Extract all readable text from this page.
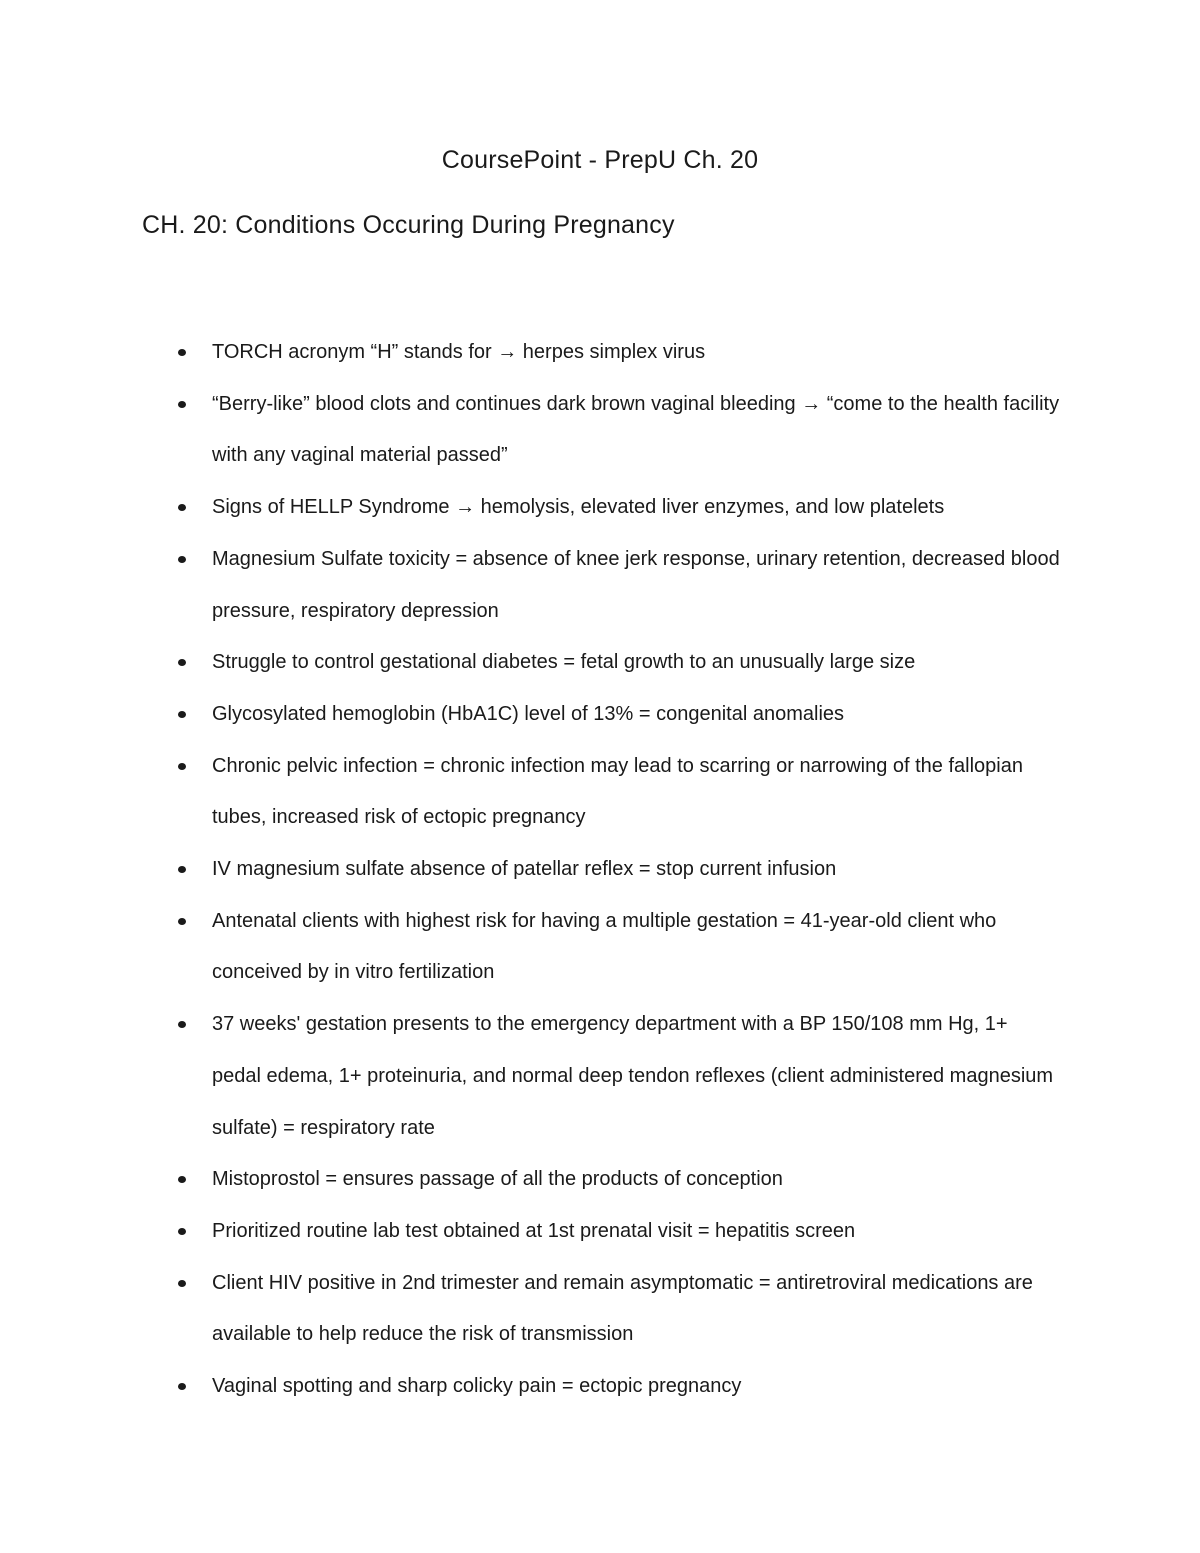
CoursePoint - PrepU Ch. 20
CH. 20: Conditions Occuring During Pregnancy
TORCH acronym “H” stands for → herpes simplex virus
“Berry-like” blood clots and continues dark brown vaginal bleeding → “come to the health facility with any vaginal material passed”
Signs of HELLP Syndrome → hemolysis, elevated liver enzymes, and low platelets
Magnesium Sulfate toxicity = absence of knee jerk response, urinary retention, decreased blood pressure, respiratory depression
Struggle to control gestational diabetes = fetal growth to an unusually large size
Glycosylated hemoglobin (HbA1C) level of 13% = congenital anomalies
Chronic pelvic infection = chronic infection may lead to scarring or narrowing of the fallopian tubes, increased risk of ectopic pregnancy
IV magnesium sulfate absence of patellar reflex = stop current infusion
Antenatal clients with highest risk for having a multiple gestation = 41-year-old client who conceived by in vitro fertilization
37 weeks' gestation presents to the emergency department with a BP 150/108 mm Hg, 1+ pedal edema, 1+ proteinuria, and normal deep tendon reflexes (client administered magnesium sulfate) = respiratory rate
Mistoprostol = ensures passage of all the products of conception
Prioritized routine lab test obtained at 1st prenatal visit = hepatitis screen
Client HIV positive in 2nd trimester and remain asymptomatic = antiretroviral medications are available to help reduce the risk of transmission
Vaginal spotting and sharp colicky pain = ectopic pregnancy
